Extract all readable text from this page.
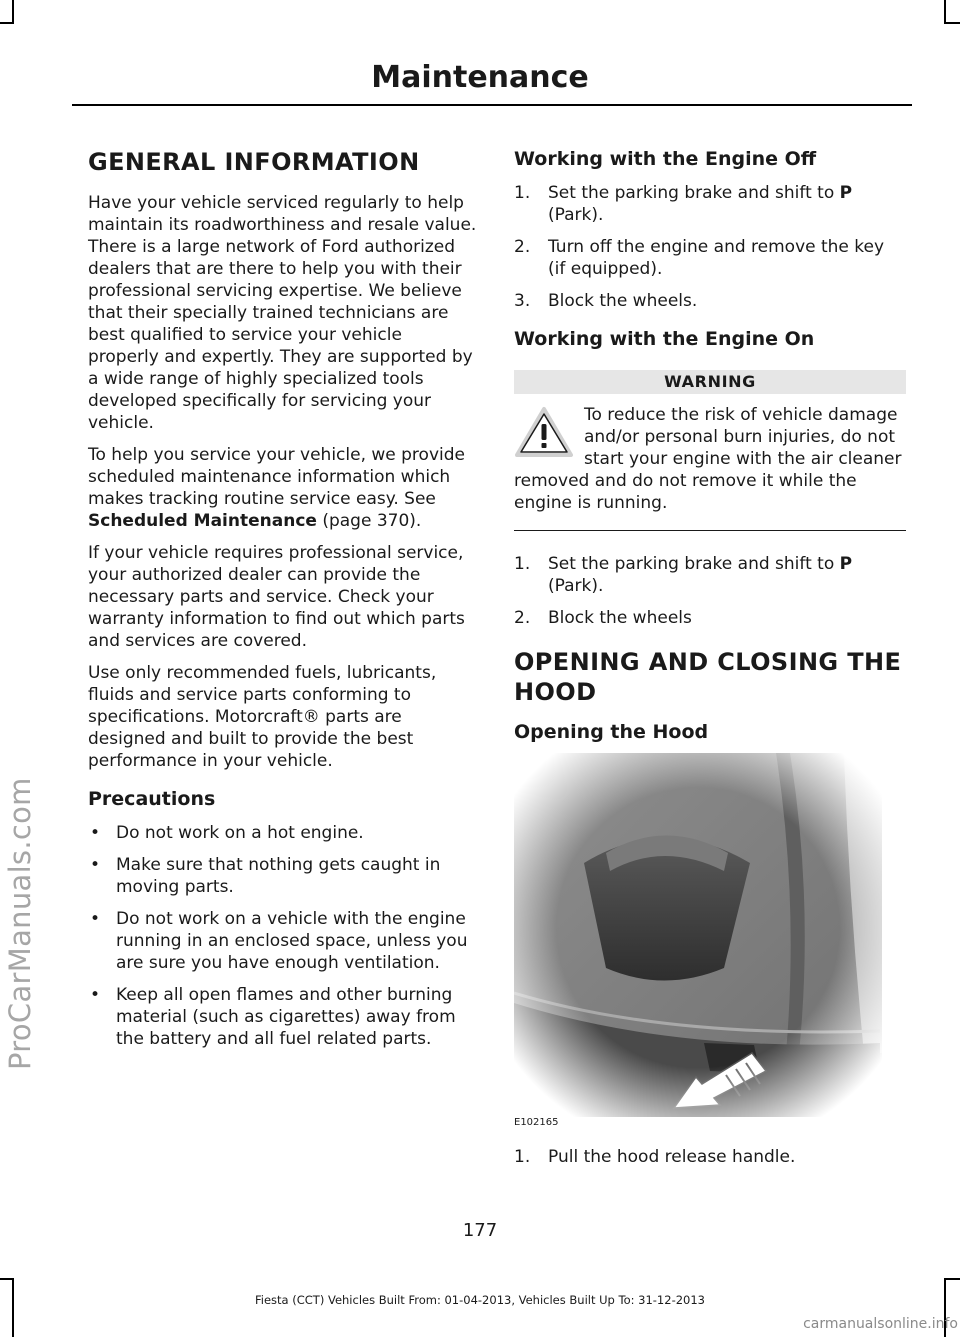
ProCarManuals.com
Maintenance
GENERAL INFORMATION

Have your vehicle serviced regularly to help maintain its roadworthiness and resale value. There is a large network of Ford authorized dealers that are there to help you with their professional servicing expertise. We believe that their specially trained technicians are best qualified to service your vehicle properly and expertly. They are supported by a wide range of highly specialized tools developed specifically for servicing your vehicle.

To help you service your vehicle, we provide scheduled maintenance information which makes tracking routine service easy. See Scheduled Maintenance (page 370).

If your vehicle requires professional service, your authorized dealer can provide the necessary parts and service. Check your warranty information to find out which parts and services are covered.

Use only recommended fuels, lubricants, fluids and service parts conforming to specifications. Motorcraft® parts are designed and built to provide the best performance in your vehicle.

Precautions
• Do not work on a hot engine.
• Make sure that nothing gets caught in moving parts.
• Do not work on a vehicle with the engine running in an enclosed space, unless you are sure you have enough ventilation.
• Keep all open flames and other burning material (such as cigarettes) away from the battery and all fuel related parts.
Working with the Engine Off
1. Set the parking brake and shift to P (Park).
2. Turn off the engine and remove the key (if equipped).
3. Block the wheels.
Working with the Engine On
WARNING
To reduce the risk of vehicle damage and/or personal burn injuries, do not start your engine with the air cleaner removed and do not remove it while the engine is running.
1. Set the parking brake and shift to P (Park).
2. Block the wheels
OPENING AND CLOSING THE
HOOD
Opening the Hood
E102165
1. Pull the hood release handle.
177
Fiesta (CCT) Vehicles Built From: 01-04-2013, Vehicles Built Up To: 31-12-2013
carmanualsonline.info
